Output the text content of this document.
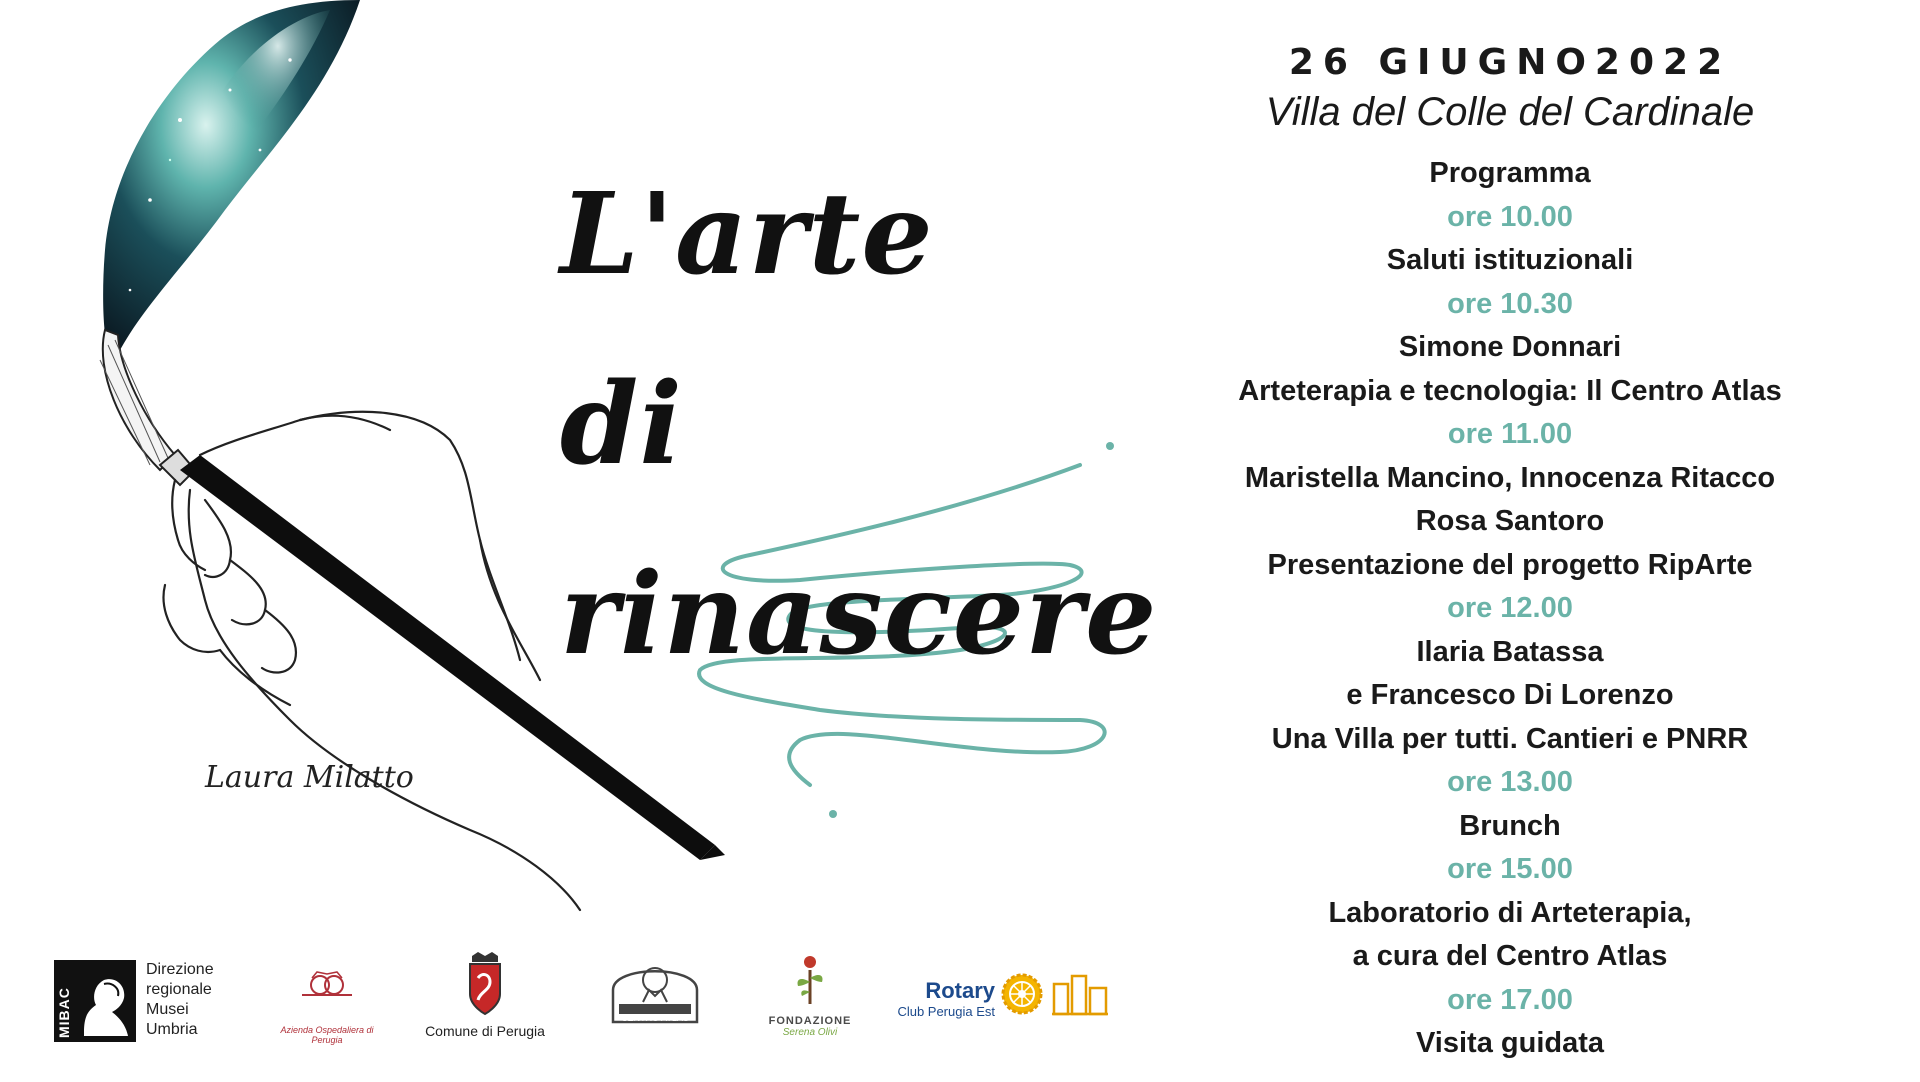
L'arte di
rinascere
Laura Milatto

26 GIUGNO2022

Villa del Colle del Cardinale

Programma

ore 10.00

Saluti istituzionali

ore 10.30

Simone Donnari

Arteterapia e tecnologia: Il Centro Atlas

ore 11.00

Maristella Mancino, Innocenza Ritacco

Rosa Santoro

Presentazione del progetto RipArte

ore 12.00

Ilaria Batassa

e Francesco Di Lorenzo

Una Villa per tutti. Cantieri e PNRR

ore 13.00

Brunch

ore 15.00

Laboratorio di Arteterapia,

a cura del Centro Atlas

ore 17.00

Visita guidata

MIBAC
Direzione
regionale
Musei
Umbria	Azienda Ospedaliera di Perugia
Comune di Perugia
CENTRO ATLAS	FONDAZIONE
Serena Olivi
Rotary
Club Perugia Est
